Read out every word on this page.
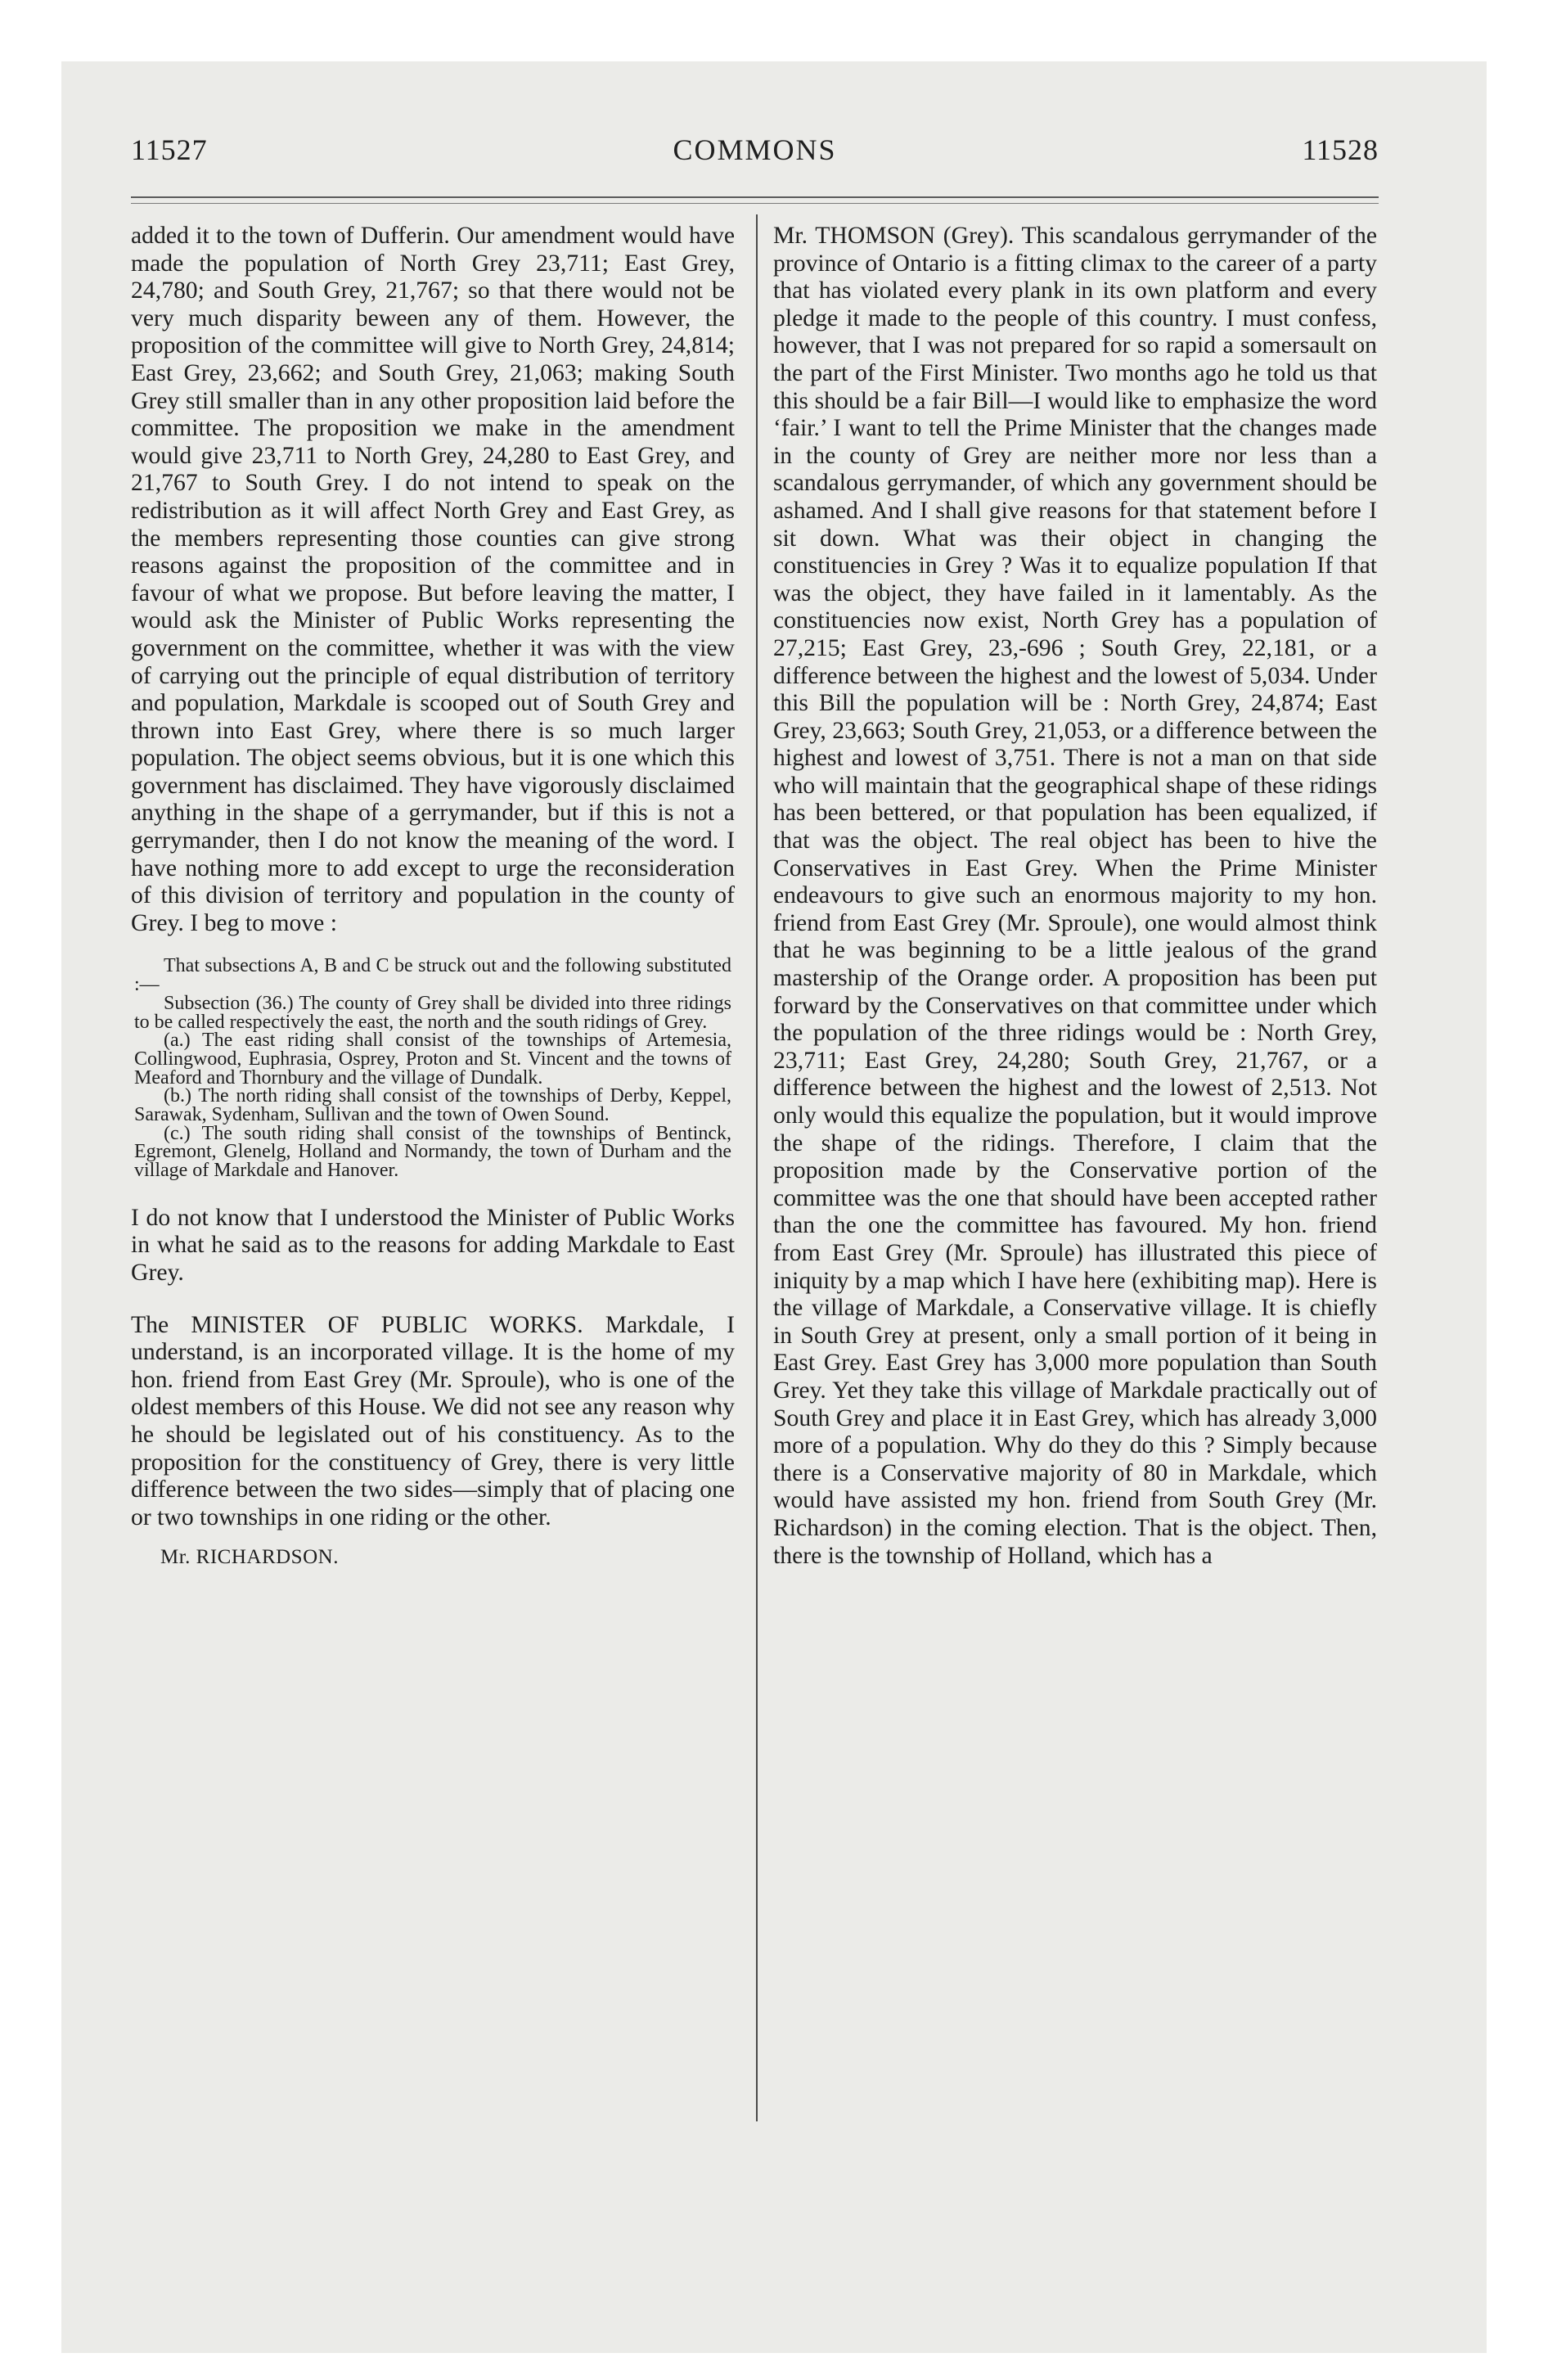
11527	COMMONS	11528

added it to the town of Dufferin. Our amendment would have made the population of North Grey 23,711; East Grey, 24,780; and South Grey, 21,767; so that there would not be very much disparity beween any of them. However, the proposition of the committee will give to North Grey, 24,814; East Grey, 23,662; and South Grey, 21,063; making South Grey still smaller than in any other proposition laid before the committee. The proposition we make in the amendment would give 23,711 to North Grey, 24,280 to East Grey, and 21,767 to South Grey. I do not intend to speak on the redistribution as it will affect North Grey and East Grey, as the members representing those counties can give strong reasons against the proposition of the committee and in favour of what we propose. But before leaving the matter, I would ask the Minister of Public Works representing the government on the committee, whether it was with the view of carrying out the principle of equal distribution of territory and population, Markdale is scooped out of South Grey and thrown into East Grey, where there is so much larger population. The object seems obvious, but it is one which this government has disclaimed. They have vigorously disclaimed anything in the shape of a gerrymander, but if this is not a gerrymander, then I do not know the meaning of the word. I have nothing more to add except to urge the reconsideration of this division of territory and population in the county of Grey. I beg to move :

That subsections A, B and C be struck out and the following substituted :—
Subsection (36.) The county of Grey shall be divided into three ridings to be called respectively the east, the north and the south ridings of Grey.
(a.) The east riding shall consist of the townships of Artemesia, Collingwood, Euphrasia, Osprey, Proton and St. Vincent and the towns of Meaford and Thornbury and the village of Dundalk.
(b.) The north riding shall consist of the townships of Derby, Keppel, Sarawak, Sydenham, Sullivan and the town of Owen Sound.
(c.) The south riding shall consist of the townships of Bentinck, Egremont, Glenelg, Holland and Normandy, the town of Durham and the village of Markdale and Hanover.

I do not know that I understood the Minister of Public Works in what he said as to the reasons for adding Markdale to East Grey.

The MINISTER OF PUBLIC WORKS. Markdale, I understand, is an incorporated village. It is the home of my hon. friend from East Grey (Mr. Sproule), who is one of the oldest members of this House. We did not see any reason why he should be legislated out of his constituency. As to the proposition for the constituency of Grey, there is very little difference between the two sides—simply that of placing one or two townships in one riding or the other.

Mr. RICHARDSON.

Mr. THOMSON (Grey). This scandalous gerrymander of the province of Ontario is a fitting climax to the career of a party that has violated every plank in its own platform and every pledge it made to the people of this country. I must confess, however, that I was not prepared for so rapid a somersault on the part of the First Minister. Two months ago he told us that this should be a fair Bill—I would like to emphasize the word ‘fair.’ I want to tell the Prime Minister that the changes made in the county of Grey are neither more nor less than a scandalous gerrymander, of which any government should be ashamed. And I shall give reasons for that statement before I sit down. What was their object in changing the constituencies in Grey ? Was it to equalize population If that was the object, they have failed in it lamentably. As the constituencies now exist, North Grey has a population of 27,215; East Grey, 23,-696 ; South Grey, 22,181, or a difference between the highest and the lowest of 5,034. Under this Bill the population will be : North Grey, 24,874; East Grey, 23,663; South Grey, 21,053, or a difference between the highest and lowest of 3,751. There is not a man on that side who will maintain that the geographical shape of these ridings has been bettered, or that population has been equalized, if that was the object. The real object has been to hive the Conservatives in East Grey. When the Prime Minister endeavours to give such an enormous majority to my hon. friend from East Grey (Mr. Sproule), one would almost think that he was beginning to be a little jealous of the grand mastership of the Orange order. A proposition has been put forward by the Conservatives on that committee under which the population of the three ridings would be : North Grey, 23,711; East Grey, 24,280; South Grey, 21,767, or a difference between the highest and the lowest of 2,513. Not only would this equalize the population, but it would improve the shape of the ridings. Therefore, I claim that the proposition made by the Conservative portion of the committee was the one that should have been accepted rather than the one the committee has favoured. My hon. friend from East Grey (Mr. Sproule) has illustrated this piece of iniquity by a map which I have here (exhibiting map). Here is the village of Markdale, a Conservative village. It is chiefly in South Grey at present, only a small portion of it being in East Grey. East Grey has 3,000 more population than South Grey. Yet they take this village of Markdale practically out of South Grey and place it in East Grey, which has already 3,000 more of a population. Why do they do this ? Simply because there is a Conservative majority of 80 in Markdale, which would have assisted my hon. friend from South Grey (Mr. Richardson) in the coming election. That is the object. Then, there is the township of Holland, which has a
